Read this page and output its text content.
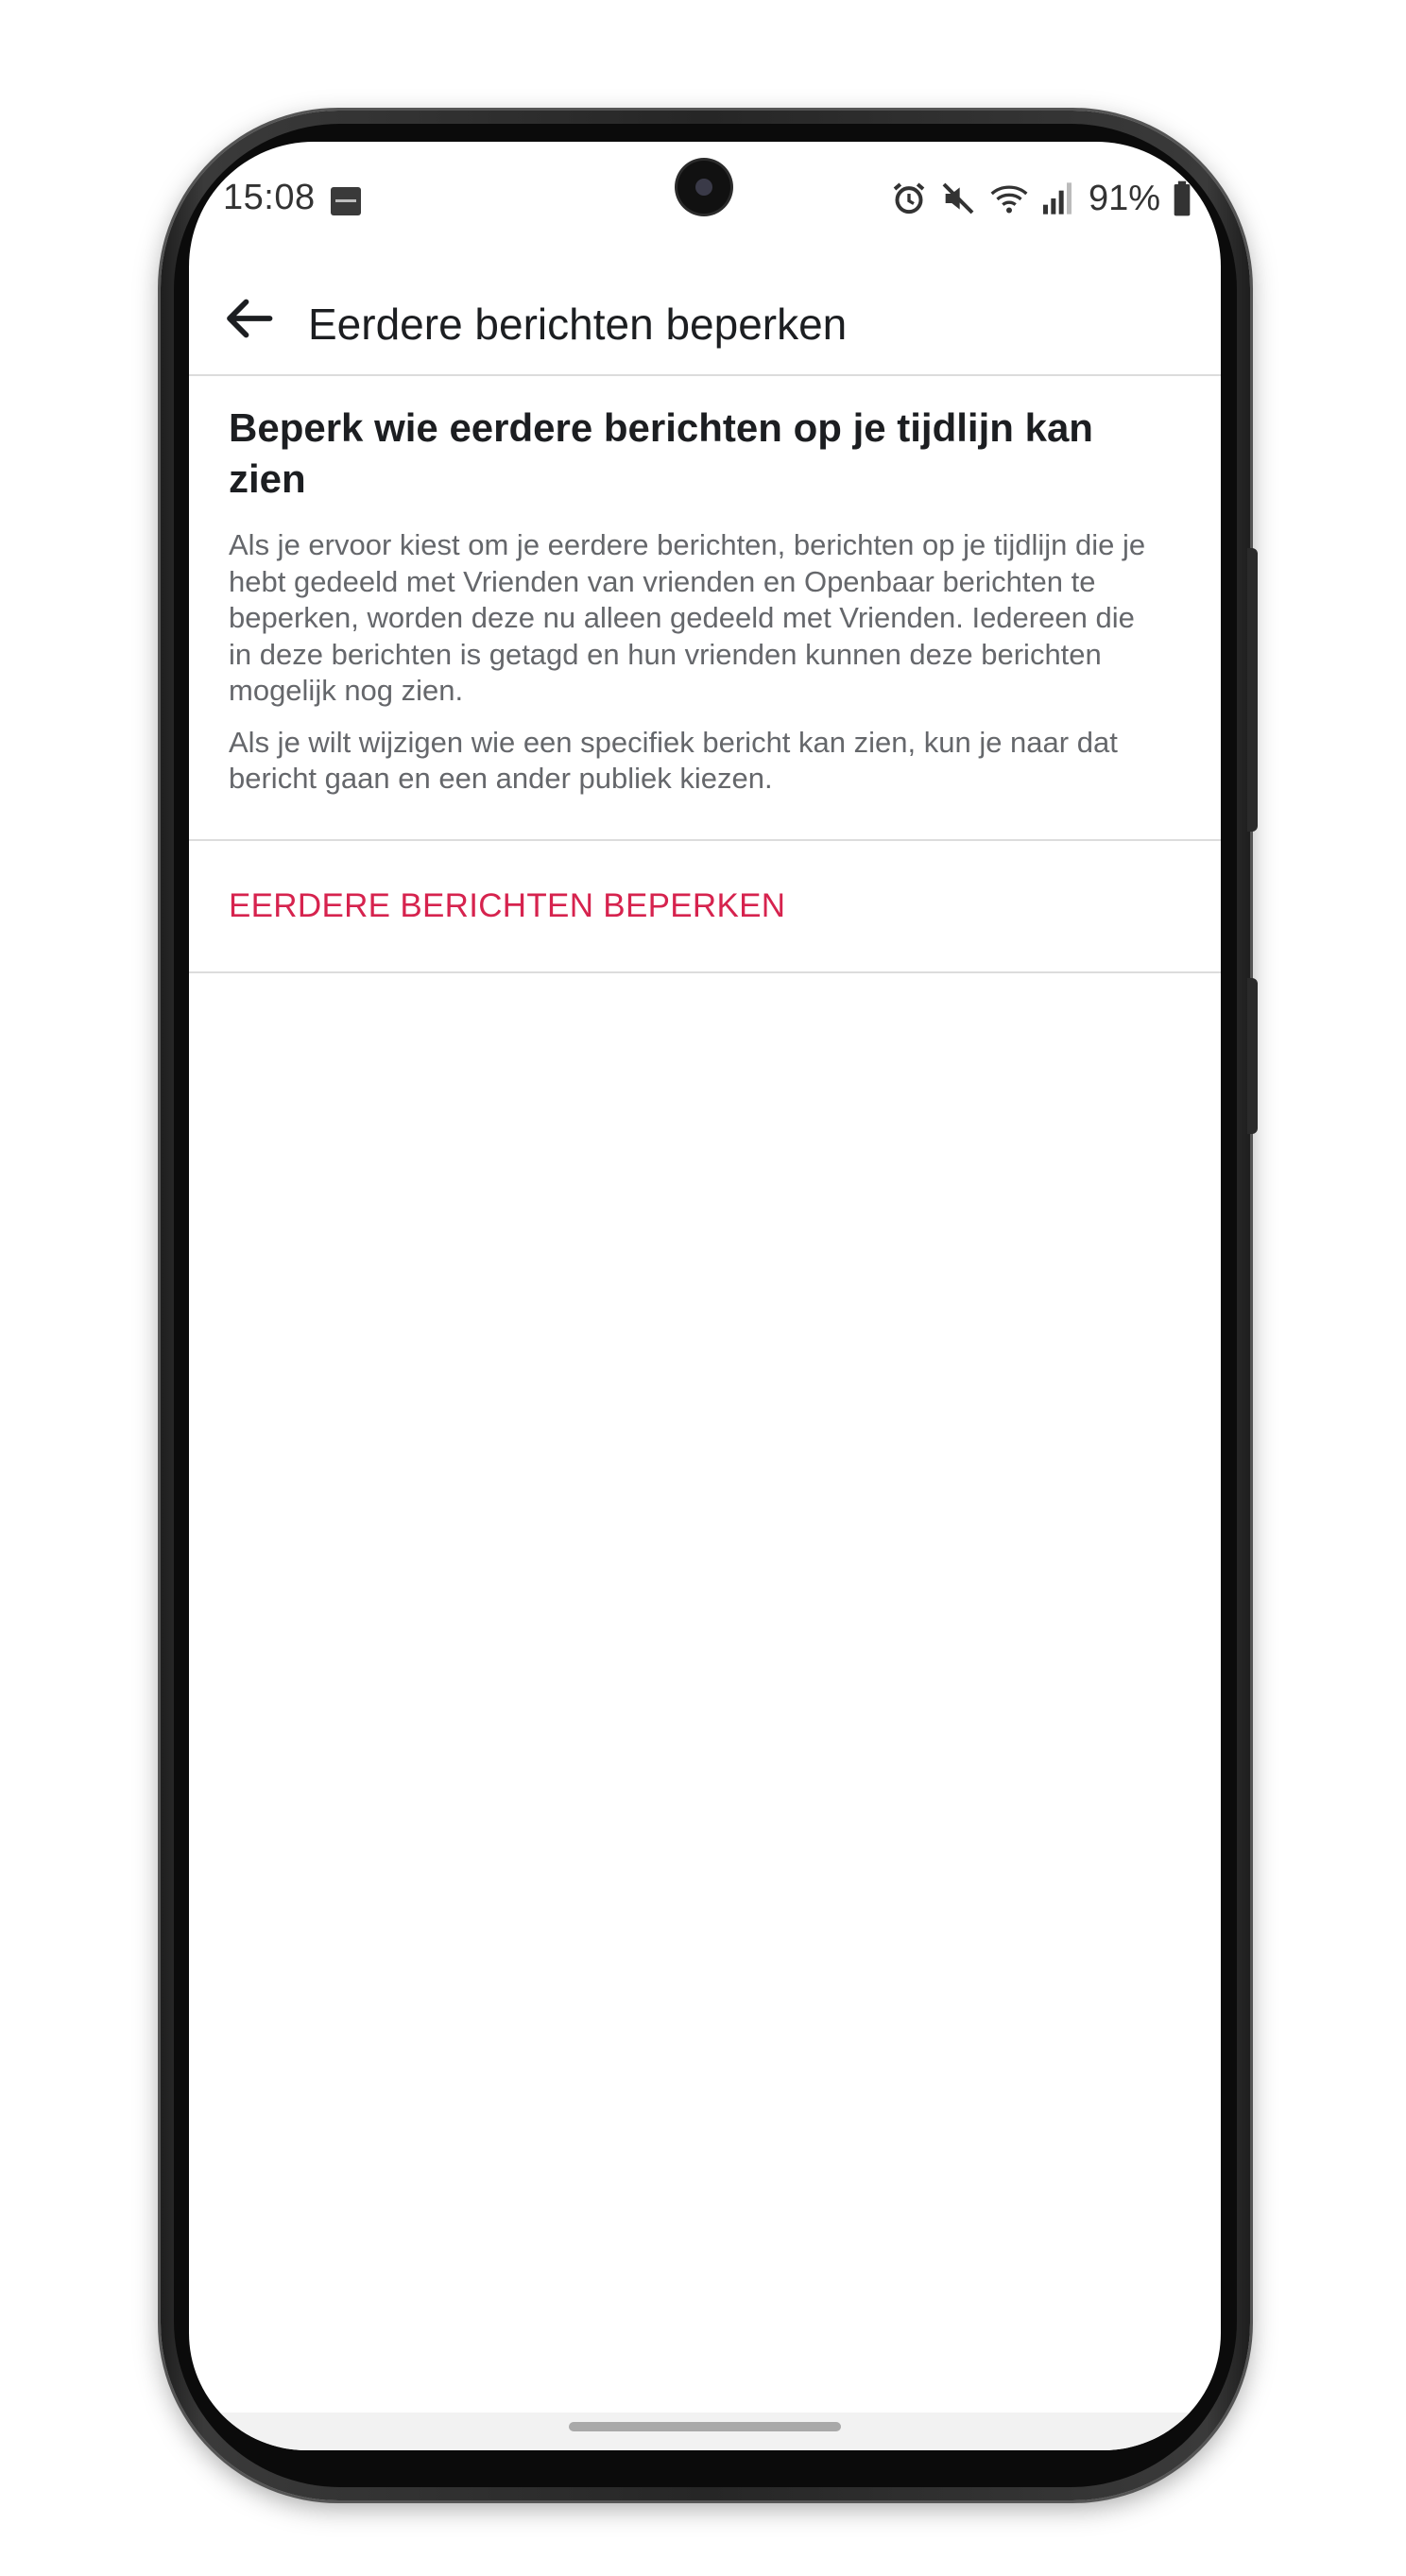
15:08	91%
Eerdere berichten beperken
Beperk wie eerdere berichten op je tijdlijn kan zien

Als je ervoor kiest om je eerdere berichten, berichten op je tijdlijn die je hebt gedeeld met Vrienden van vrienden en Openbaar berichten te beperken, worden deze nu alleen gedeeld met Vrienden. Iedereen die in deze berichten is getagd en hun vrienden kunnen deze berichten mogelijk nog zien.

Als je wilt wijzigen wie een specifiek bericht kan zien, kun je naar dat bericht gaan en een ander publiek kiezen.

EERDERE BERICHTEN BEPERKEN
